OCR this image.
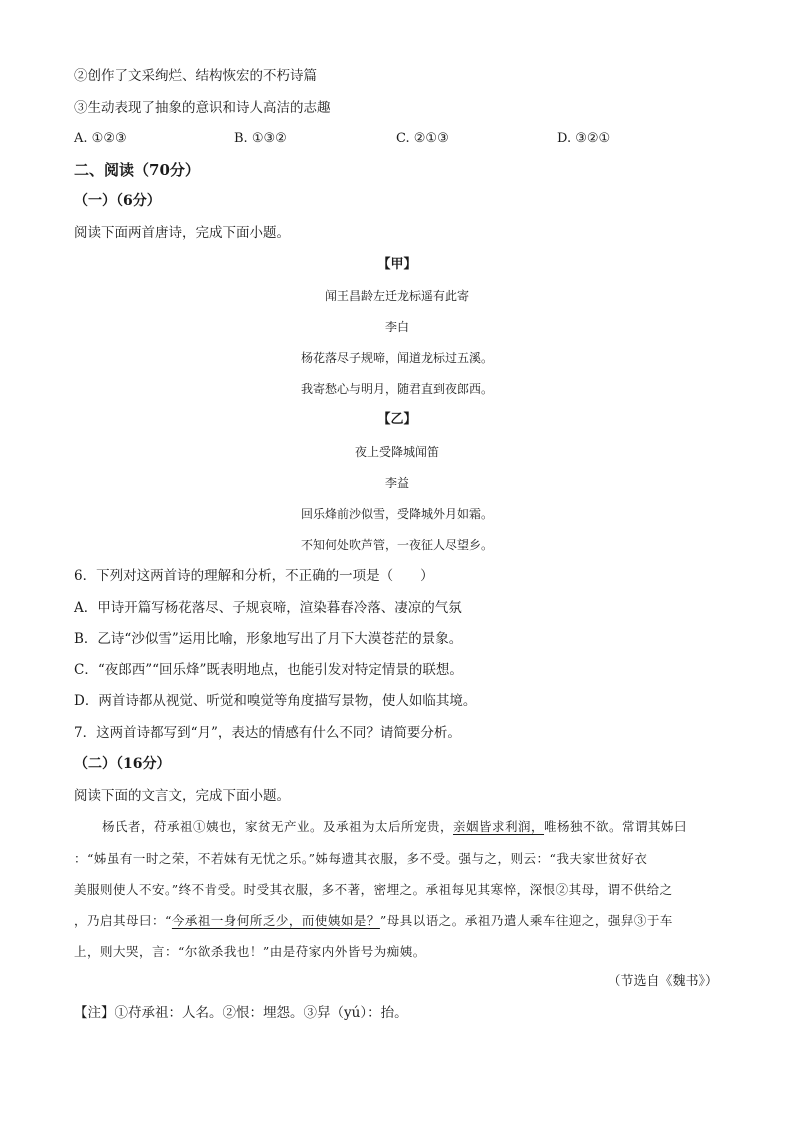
②创作了文采绚烂、结构恢宏的不朽诗篇
③生动表现了抽象的意识和诗人高洁的志趣
A. ①②③	B. ①③②	C. ②①③	D. ③②①
二、阅读（70分）
（一）（6分）
阅读下面两首唐诗，完成下面小题。
【甲】
闻王昌龄左迁龙标遥有此寄
李白
杨花落尽子规啼，闻道龙标过五溪。
我寄愁心与明月，随君直到夜郎西。
【乙】
夜上受降城闻笛
李益
回乐烽前沙似雪，受降城外月如霜。
不知何处吹芦管，一夜征人尽望乡。
6．下列对这两首诗的理解和分析，不正确的一项是（　　）
A．甲诗开篇写杨花落尽、子规哀啼，渲染暮春冷落、凄凉的气氛
B．乙诗“沙似雪”运用比喻，形象地写出了月下大漠苍茫的景象。
C．“夜郎西”“回乐烽”既表明地点，也能引发对特定情景的联想。
D．两首诗都从视觉、听觉和嗅觉等角度描写景物，使人如临其境。
7．这两首诗都写到“月”，表达的情感有什么不同？请简要分析。
（二）（16分）
阅读下面的文言文，完成下面小题。
杨氏者，苻承祖①姨也，家贫无产业。及承祖为太后所宠贵，亲姻皆求利润，唯杨独不欲。常谓其姊曰
：“姊虽有一时之荣，不若妹有无忧之乐。”姊每遗其衣服，多不受。强与之，则云：“我夫家世贫好衣
美服则使人不安。”终不肯受。时受其衣服，多不著，密埋之。承祖每见其寒悴，深恨②其母，谓不供给之
，乃启其母曰：“今承祖一身何所乏少，而使姨如是？”母具以语之。承祖乃遣人乘车往迎之，强舁③于车
上，则大哭，言：“尔欲杀我也！”由是苻家内外皆号为痴姨。
（节选自《魏书》）
【注】①苻承祖：人名。②恨：埋怨。③舁（yú）：抬。
